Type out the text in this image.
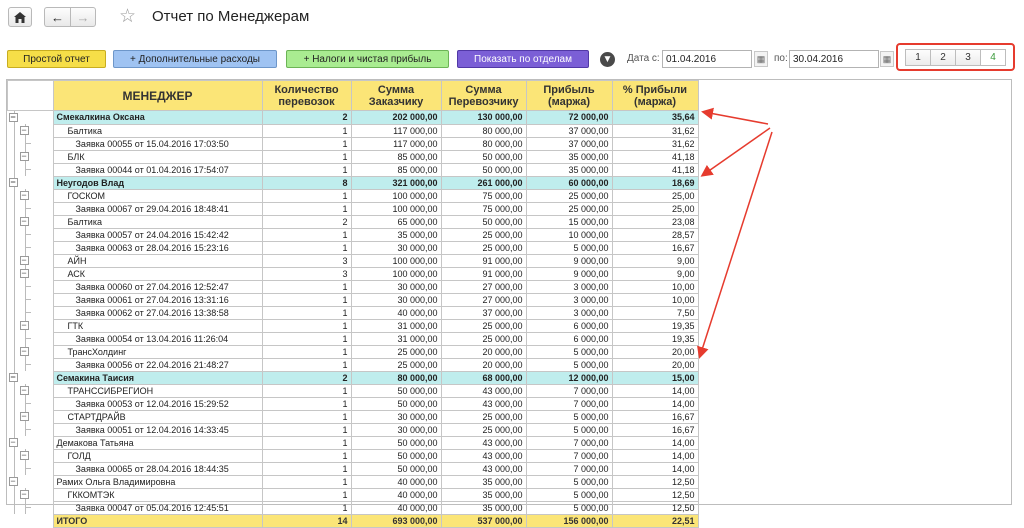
← → ☆ Отчет по Менеджерам
Простой отчет	+ Дополнительные расходы	+ Налоги и чистая прибыль	Показать по отделам	▼ Дата с:
01.04.2016	▦ по:
30.04.2016	▦	1	2	3	4
	МЕНЕДЖЕР	Количество перевозок	Сумма Заказчику	Сумма Перевозчику	Прибыль (маржа)	% Прибыли (маржа)

−	Смекалкина Оксана	2	202 000,00	130 000,00	72 000,00	35,64

−	Балтика	1	117 000,00	80 000,00	37 000,00	31,62

	Заявка 00055 от 15.04.2016 17:03:50	1	117 000,00	80 000,00	37 000,00	31,62

−	БЛК	1	85 000,00	50 000,00	35 000,00	41,18

	Заявка 00044 от 01.04.2016 17:54:07	1	85 000,00	50 000,00	35 000,00	41,18

−	Неугодов Влад	8	321 000,00	261 000,00	60 000,00	18,69

−	ГОСКОМ	1	100 000,00	75 000,00	25 000,00	25,00

	Заявка 00067 от 29.04.2016 18:48:41	1	100 000,00	75 000,00	25 000,00	25,00

−	Балтика	2	65 000,00	50 000,00	15 000,00	23,08

	Заявка 00057 от 24.04.2016 15:42:42	1	35 000,00	25 000,00	10 000,00	28,57

	Заявка 00063 от 28.04.2016 15:23:16	1	30 000,00	25 000,00	5 000,00	16,67

−	АЙН	3	100 000,00	91 000,00	9 000,00	9,00

−	АСК	3	100 000,00	91 000,00	9 000,00	9,00

	Заявка 00060 от 27.04.2016 12:52:47	1	30 000,00	27 000,00	3 000,00	10,00

	Заявка 00061 от 27.04.2016 13:31:16	1	30 000,00	27 000,00	3 000,00	10,00

	Заявка 00062 от 27.04.2016 13:38:58	1	40 000,00	37 000,00	3 000,00	7,50

−	ГТК	1	31 000,00	25 000,00	6 000,00	19,35

	Заявка 00054 от 13.04.2016 11:26:04	1	31 000,00	25 000,00	6 000,00	19,35

−	ТрансХолдинг	1	25 000,00	20 000,00	5 000,00	20,00

	Заявка 00056 от 22.04.2016 21:48:27	1	25 000,00	20 000,00	5 000,00	20,00

−	Семакина Таисия	2	80 000,00	68 000,00	12 000,00	15,00

−	ТРАНССИБРЕГИОН	1	50 000,00	43 000,00	7 000,00	14,00

	Заявка 00053 от 12.04.2016 15:29:52	1	50 000,00	43 000,00	7 000,00	14,00

−	СТАРТДРАЙВ	1	30 000,00	25 000,00	5 000,00	16,67

	Заявка 00051 от 12.04.2016 14:33:45	1	30 000,00	25 000,00	5 000,00	16,67

−	Демакова Татьяна	1	50 000,00	43 000,00	7 000,00	14,00

−	ГОЛД	1	50 000,00	43 000,00	7 000,00	14,00

	Заявка 00065 от 28.04.2016 18:44:35	1	50 000,00	43 000,00	7 000,00	14,00

−	Рамих Ольга Владимировна	1	40 000,00	35 000,00	5 000,00	12,50

−	ГККОМТЭК	1	40 000,00	35 000,00	5 000,00	12,50

	Заявка 00047 от 05.04.2016 12:45:51	1	40 000,00	35 000,00	5 000,00	12,50
	ИТОГО	14	693 000,00	537 000,00	156 000,00	22,51
